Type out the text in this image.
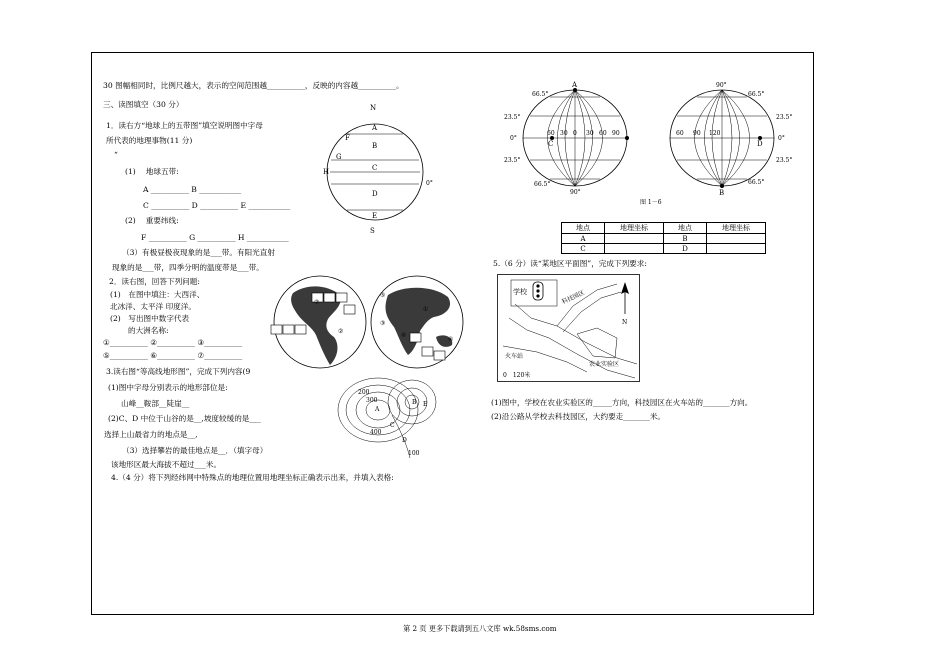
30 图幅相同时，比例尺越大，表示的空间范围越__________，反映的内容越__________。
三、读图填空（30 分）
1．读右方“地球上的五带图”填空说明图中字母
所代表的地理事物(11 分)
“
(1)　 地球五带:
A __________ B ___________
C __________ D __________ E ___________
(2)　 重要纬线:
F __________ G __________ H ___________
（3）有极昼极夜现象的是___带。有阳光直射
现象的是___带，四季分明的温度带是___带。
2．读右图，回答下列问题:
(1)　在图中填注：大西洋、
北冰洋、太平洋 印度洋。
(2)　写出图中数字代表
的大洲名称:
①__________ ②__________ ③__________
⑤__________ ⑥__________ ⑦__________
3.读右图“等高线地形图”，完成下列内容(9
(1)图中字母分别表示的地形部位是:
山峰__鞍部__陡崖__
(2)C、D 中位于山谷的是__,坡度较缓的是___
选择上山最省力的地点是__,
（3）选择攀岩的最佳地点是__．（填字母）
该地形区最大海拔不超过___米。
4.（4 分）将下列经纬网中特殊点的地理位置用地理坐标正确表示出来，并填入表格:
N
S
A
F
B
G
H	C
D
E
0°
⑦
②
⑤
③
①
⑥
④
A
B
C
D
E
200
300
400
100
66.5°
23.5°
0°
23.5°
66.5°
A
90°
C
60 30 0 30 60 90
66.5°
23.5°
0°
23.5°
66.5°
90°
B
D
60 90 120
图 1－6
地点	地理坐标	地点	地理坐标
A		B	
C		D	
5.（6 分）读“某地区平面图”，完成下列要求:
学校	科技园区
火车站
农业实验区
N
0　120米
(1)图中，学校在农业实验区的_____方向，科技园区在火车站的_______方向。
(2)沿公路从学校去科技园区，大约要走_______米。
第 2 页 更多下载请到五八文库 wk.58sms.com
